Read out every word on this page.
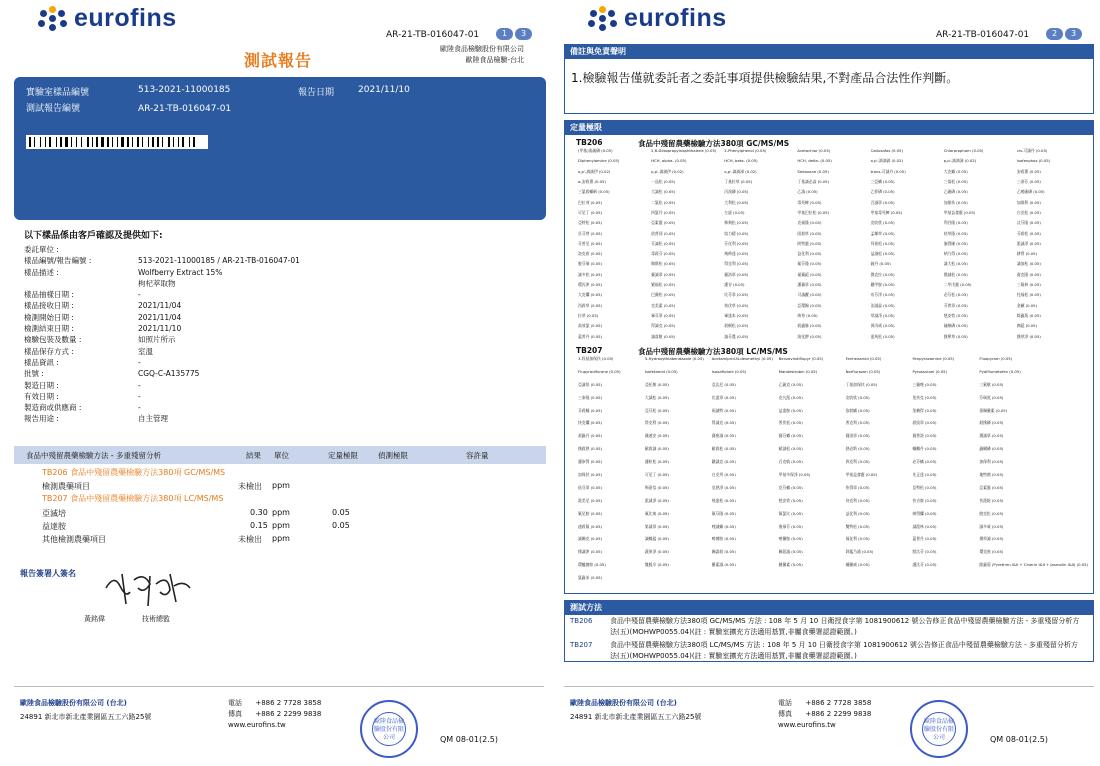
eurofins
AR-21-TB-016047-01	1	3
歐陸食品檢驗股份有限公司
歐陸食品檢驗-台北
測試報告
實驗室樣品編號	513-2021-11000185	報告日期	2021/11/10
測試報告編號	AR-21-TB-016047-01
以下樣品係由客戶確認及提供如下:
委託單位 :
樣品編號/報告編號 :	513-2021-11000185 / AR-21-TB-016047-01
樣品描述 :	Wolfberry Extract 15%
枸杞萃取物
樣品抽樣日期 :	-
樣品接收日期 :	2021/11/04
檢測開始日期 :	2021/11/04
檢測結束日期 :	2021/11/10
檢驗包裝及數量 :	如照片所示
樣品保存方式 :	室溫
樣品資訊 :	-
批號 :	CGQ-C-A135775
製造日期 :	-
有效日期 :	-
製造商或供應商 :	-
報告用途 :	自主管理
食品中殘留農藥檢驗方法 - 多重殘留分析	結果 單位	定量極限	偵測極限	容許量
TB206 食品中殘留農藥檢驗方法380項 GC/MS/MS
檢測農藥項目	未檢出 ppm
TB207 食品中殘留農藥檢驗方法380項 LC/MS/MS
亞滅培	0.30 ppm	0.05
益達胺	0.15 ppm	0.05
其他檢測農藥項目	未檢出 ppm
報告簽署人簽名
黃銘偉	技術總監
歐陸食品檢驗股份有限公司 (台北)
24891 新北市新北產業園區五工六路25號
電話 +886 2 7728 3858
傳真 +886 2 2299 9838
www.eurofins.tw	歐陸食品檢驗股份有限公司	QM 08-01(2.5)
eurofins
AR-21-TB-016047-01	2	3
備註與免責聲明
1.檢驗報告僅就委託者之委託事項提供檢驗結果,不對產品合法性作判斷。
定量極限
TB206	食品中殘留農藥檢驗方法380項 GC/MS/MS
(甲基)溴硫磷 (0.05)	2,6-Diisopropylnaphthalene (0.05)	2-Phenylphenol (0.05)	Acetochlor (0.05)	Cadusafos (0.05)	Chlorpropham (0.05)	cis-可滅丹 (0.05)
Diphenylamine (0.05)	HCH, alpha- (0.05)	HCH, beta- (0.05)	HCH, delta- (0.05)	o,p'-滴滴滴 (0.02)	p,p'-滴滴涕 (0.02)	Isofenphos (0.05)
o,p'-滴滴伊 (0.02)	p,p'-滴滴伊 (0.02)	o,p'-滴滴涕 (0.02)	Sedaxane (0.05)	trans-可滅丹 (0.05)	大克蟎 (0.05)	安殺番 (0.05)
α-安殺番 (0.05)	一品松 (0.05)	丁基拉草 (0.05)	丁基滅必蝨 (0.05)	三亞蟎 (0.05)	三落松 (0.05)	三泰芬 (0.05)
三氯殺蟎砜 (0.05)	大滅松 (0.05)	丙溴磷 (0.05)	乙滅 (0.05)	乙拌磷 (0.05)	乙硫磷 (0.05)	乙嘧硫磷 (0.05)
巴拉刈 (0.05)	二氯松 (0.05)	大利松 (0.05)	毒死蜱 (0.05)	百滅寧 (0.05)	加保扶 (0.05)	加保利 (0.05)
可尼丁 (0.05)	四氯丹 (0.05)	左旋 (0.05)	甲基巴拉松 (0.05)	甲基毒死蜱 (0.05)	甲基益發靈 (0.05)	白克松 (0.05)
亞特松 (0.05)	亞素靈 (0.05)	佈飛松 (0.05)	克福隆 (0.05)	克收欣 (0.05)	利谷隆 (0.05)	汰芬隆 (0.05)
貝芬替 (0.05)	依普同 (0.05)	協力精 (0.05)	固殺草 (0.05)	孟鄰草 (0.05)	枯草隆 (0.05)	芬殺松 (0.05)
芬普尼 (0.05)	芬滅松 (0.05)	芬化利 (0.05)	阿特靈 (0.05)	拜裕松 (0.05)	施得圃 (0.05)	派滅淨 (0.05)
洛克殺 (0.05)	毒殺芬 (0.05)	飛佈達 (0.05)	益化利 (0.05)	益滅松 (0.05)	納乃得 (0.05)	耕得 (0.05)
脫芬瑞 (0.05)	陶斯松 (0.05)	得克利 (0.05)	氟芬隆 (0.05)	硫丹 (0.05)	滅大松 (0.05)	滅加松 (0.05)
滅多松 (0.05)	賽滅寧 (0.05)	賽洛寧 (0.05)	福賽絕 (0.05)	撲克拉 (0.05)	撲滅松 (0.05)	賓克隆 (0.05)
環丙津 (0.05)	繁福松 (0.05)	護谷 (0.05)	護賽寧 (0.05)	鐵甲胺 (0.05)	二甲戊靈 (0.05)	三氟林 (0.05)
大克爛 (0.05)	巴賽松 (0.05)	比芬寧 (0.05)	可滅蹤 (0.05)	布芬淨 (0.05)	必芬松 (0.05)	托福松 (0.05)
西殺草 (0.05)	克美素 (0.05)	快伏草 (0.05)	亞環錫 (0.05)	治滅蝨 (0.05)	芬普寧 (0.05)	金屬 (0.05)
拉草 (0.05)	畢芬寧 (0.05)	畢達本 (0.05)	納草 (0.05)	草滅淨 (0.05)	剋安勃 (0.05)	除蟲菊 (0.05)
高效氯 (0.05)	得滅克 (0.05)	殺螟松 (0.05)	殺蟲脒 (0.05)	異丙威 (0.05)	硫線磷 (0.05)	腐絕 (0.05)
蓋普丹 (0.05)	滅落脫 (0.05)	滅芬農 (0.05)	溴化鉀 (0.05)	達馬松 (0.05)	撲奪草 (0.05)	撲草淨 (0.05)
TB207	食品中殘留農藥檢驗方法380項 LC/MS/MS
3-羥基加保扶 (0.05)	5-Hydroxythiabendazole (0.05)	Acetamiprid-N-desmethyl (0.05)	Benzovindiflupyr (0.05)	Fenhexamid (0.05)	Fenpyrazamine (0.05)	Fluopyram (0.05)
Flupyradifurone (0.05)	Isofetamid (0.05)	Isoxaflutole (0.05)	Mandestrobin (0.05)	Norflurazon (0.05)	Pyroxsulam (0.05)	Pydiflumetofen (0.05)
亞滅培 (0.05)	亞托敏 (0.05)	亞汰尼 (0.05)	乙硫克 (0.05)	丁基加保扶 (0.05)	三賽唑 (0.05)	三氟敏 (0.05)
三泰隆 (0.05)	大滅松 (0.05)	比達寧 (0.05)	克凡派 (0.05)	克收欣 (0.05)	免扶克 (0.05)	芬瑞莫 (0.05)
芬殺蟎 (0.05)	亞芬松 (0.05)	兩滅特 (0.05)	益達胺 (0.05)	依殺蟎 (0.05)	免賴得 (0.05)	嘉賜黴素 (0.05)
快克爛 (0.05)	得克利 (0.05)	得滅克 (0.05)	普伏松 (0.05)	普克利 (0.05)	殺紋寧 (0.05)	殺撲磷 (0.05)
殺蟲丹 (0.05)	賽速安 (0.05)	賽座滅 (0.05)	賽芬蟎 (0.05)	賽洛寧 (0.05)	賽普洛 (0.05)	撲滅寧 (0.05)
撲殺熱 (0.05)	歐殺滅 (0.05)	歐殺松 (0.05)	歐滅松 (0.05)	熱必斯 (0.05)	蟎離丹 (0.05)	蟲螨磷 (0.05)
護矽得 (0.05)	護粒松 (0.05)	鐵滅克 (0.05)	百克敏 (0.05)	四克利 (0.05)	必芬蟎 (0.05)	加保利 (0.05)
加保扶 (0.05)	可尼丁 (0.05)	白克列 (0.05)	甲基多保淨 (0.05)	甲基益發靈 (0.05)	先正達 (0.05)	地特菌 (0.05)
依芬寧 (0.05)	佈嘉信 (0.05)	克熱淨 (0.05)	克芬蟎 (0.05)	快得寧 (0.05)	亞特松 (0.05)	亞素靈 (0.05)
派美尼 (0.05)	派滅淨 (0.05)	飛達松 (0.05)	剋安勃 (0.05)	待克利 (0.05)	扶吉胺 (0.05)	扶派啶 (0.05)
氟尼胺 (0.05)	氟比來 (0.05)	氟芬隆 (0.05)	氟氯比 (0.05)	益化利 (0.05)	納得爛 (0.05)	脫克松 (0.05)
速殺氟 (0.05)	第滅寧 (0.05)	喹滅蟎 (0.05)	復祿芬 (0.05)	雙特松 (0.05)	滅派林 (0.05)	滅多威 (0.05)
滅賜克 (0.05)	滅蟎猛 (0.05)	嘧菌胺 (0.05)	嘧黴胺 (0.05)	福化利 (0.05)	蓋普丹 (0.05)	撲草滅 (0.05)
撲滅津 (0.05)	蔬果淨 (0.05)	賜諾殺 (0.05)	賜派滅 (0.05)	鋅錳乃浦 (0.05)	默汰芬 (0.05)	環克座 (0.05)
環醯菌胺 (0.05)	雙胍辛 (0.05)	羅素滅 (0.05)	鏈黴素 (0.05)	纈黴威 (0.05)	護汰芬 (0.05)	除蟲菊 (Pyrethrin I&II + Cinerin I&II + Jasmolin I&II) (0.05)
氯蟲苯 (0.05)
測試方法
TB206	食品中殘留農藥檢驗方法380項 GC/MS/MS 方法 : 108 年 5 月 10 日衛授食字第 1081900612 號公告修正食品中殘留農藥檢驗方法 - 多重殘留分析方法(五)(MOHWP0055.04)(註 : 實驗室擴充方法適用基質,非屬食藥署認證範圍。)
TB207	食品中殘留農藥檢驗方法380項 LC/MS/MS 方法 : 108 年 5 月 10 日衛授食字第 1081900612 號公告修正食品中殘留農藥檢驗方法 - 多重殘留分析方法(五)(MOHWP0055.04)(註 : 實驗室擴充方法適用基質,非屬食藥署認證範圍。)
歐陸食品檢驗股份有限公司 (台北)
24891 新北市新北產業園區五工六路25號
電話 +886 2 7728 3858
傳真 +886 2 2299 9838
www.eurofins.tw	歐陸食品檢驗股份有限公司	QM 08-01(2.5)
